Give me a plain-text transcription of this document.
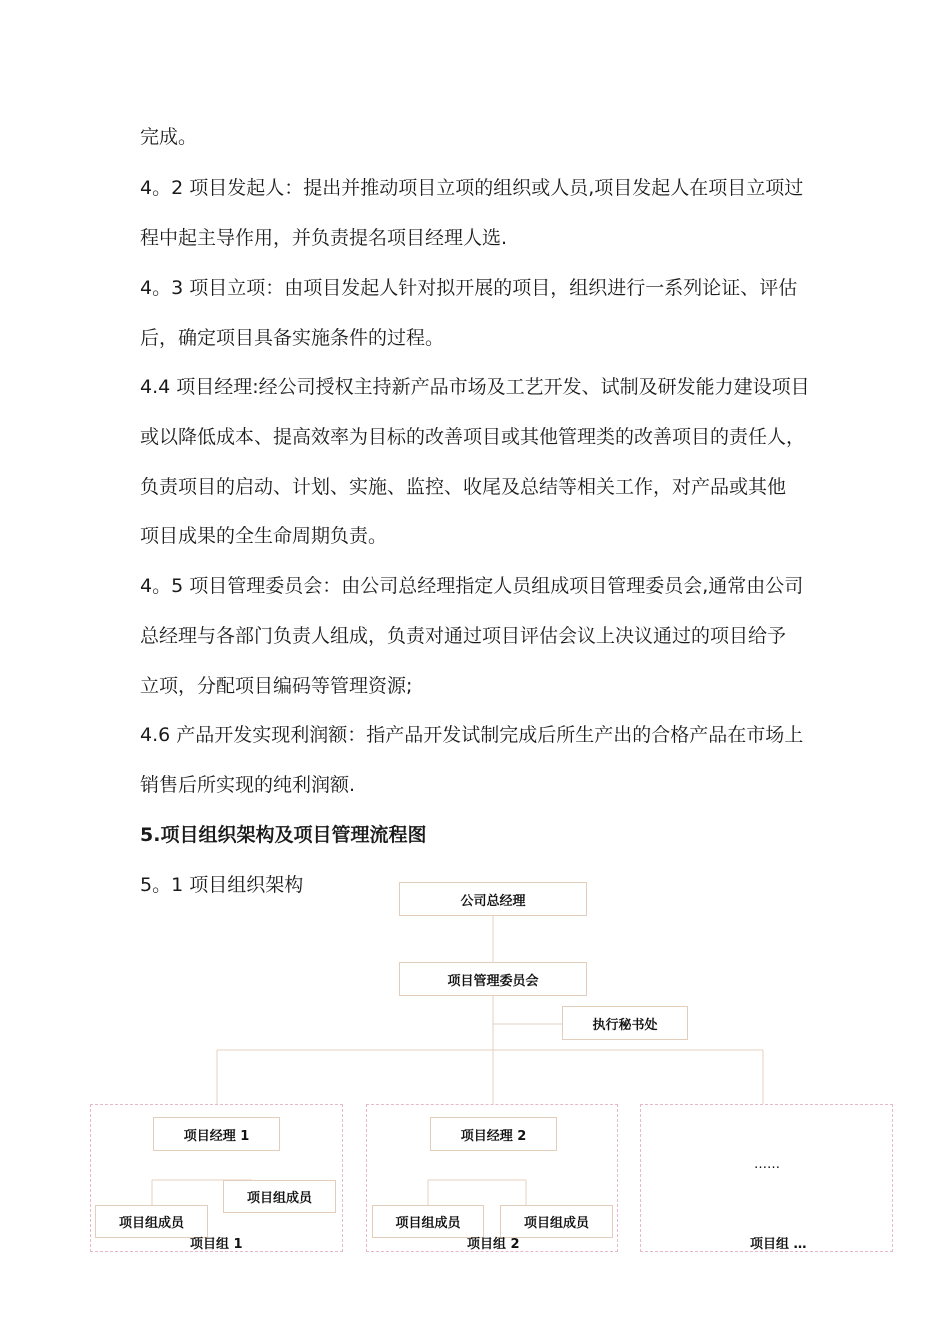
完成。
4。2 项目发起人：提出并推动项目立项的组织或人员,项目发起人在项目立项过
程中起主导作用，并负责提名项目经理人选.
4。3 项目立项：由项目发起人针对拟开展的项目，组织进行一系列论证、评估
后，确定项目具备实施条件的过程。
4.4 项目经理:经公司授权主持新产品市场及工艺开发、试制及研发能力建设项目
或以降低成本、提高效率为目标的改善项目或其他管理类的改善项目的责任人，
负责项目的启动、计划、实施、监控、收尾及总结等相关工作，对产品或其他
项目成果的全生命周期负责。
4。5 项目管理委员会：由公司总经理指定人员组成项目管理委员会,通常由公司
总经理与各部门负责人组成，负责对通过项目评估会议上决议通过的项目给予
立项，分配项目编码等管理资源;
4.6 产品开发实现利润额：指产品开发试制完成后所生产出的合格产品在市场上
销售后所实现的纯利润额.
5.项目组织架构及项目管理流程图
5。1 项目组织架构
公司总经理
项目管理委员会
执行秘书处
项目经理 1
项目组成员
项目组成员
项目组 1
项目经理 2
项目组成员	项目组成员
项目组 2
……
项目组 …
